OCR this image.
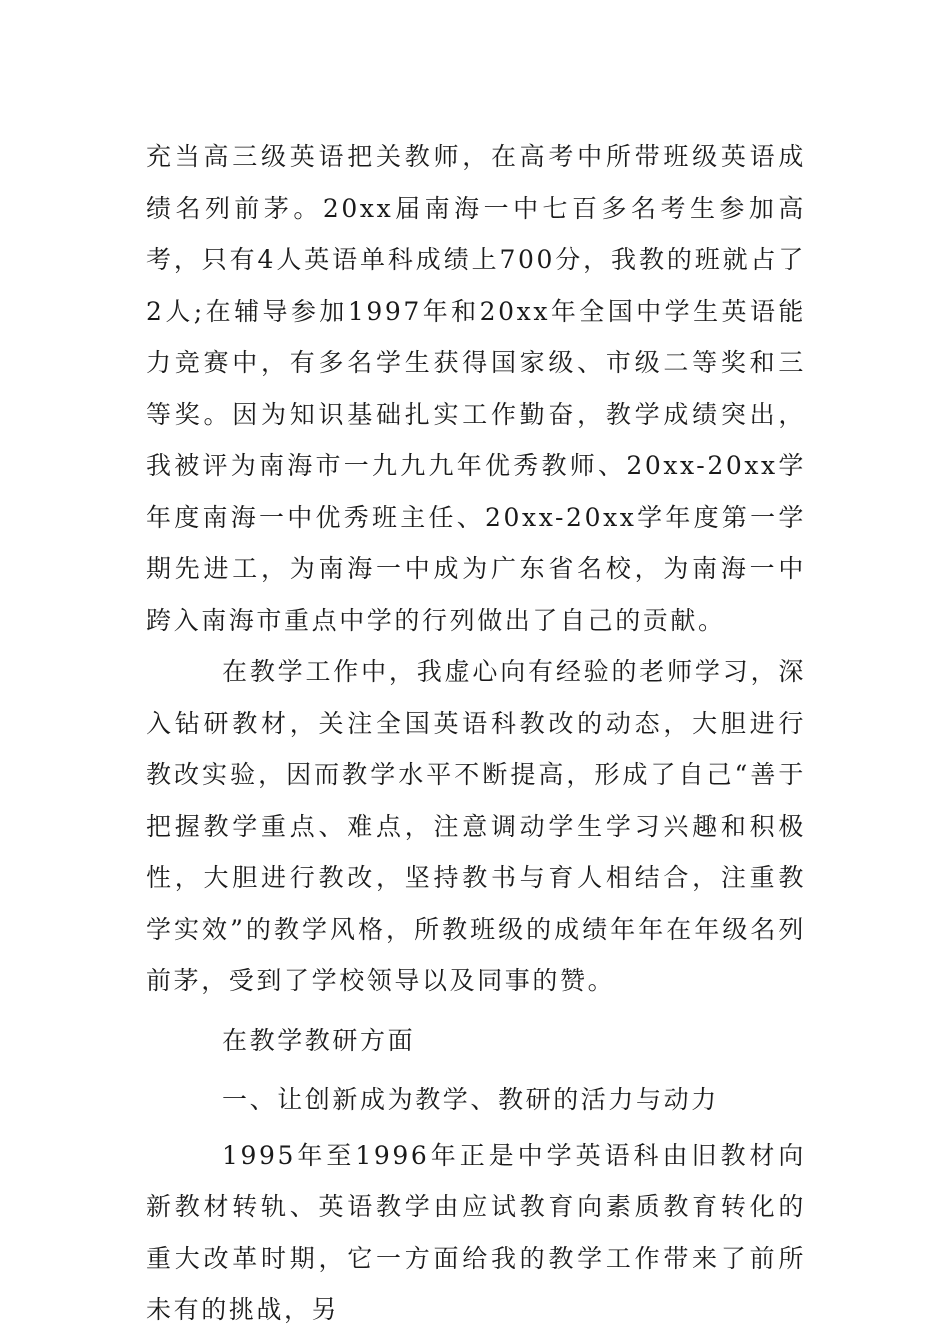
充当高三级英语把关教师，在高考中所带班级英语成绩名列前茅。20xx届南海一中七百多名考生参加高考，只有4人英语单科成绩上700分，我教的班就占了2人;在辅导参加1997年和20xx年全国中学生英语能力竞赛中，有多名学生获得国家级、市级二等奖和三等奖。因为知识基础扎实工作勤奋，教学成绩突出，我被评为南海市一九九九年优秀教师、20xx-20xx学年度南海一中优秀班主任、20xx-20xx学年度第一学期先进工，为南海一中成为广东省名校，为南海一中跨入南海市重点中学的行列做出了自己的贡献。

在教学工作中，我虚心向有经验的老师学习，深入钻研教材，关注全国英语科教改的动态，大胆进行教改实验，因而教学水平不断提高，形成了自己“善于把握教学重点、难点，注意调动学生学习兴趣和积极性，大胆进行教改，坚持教书与育人相结合，注重教学实效”的教学风格，所教班级的成绩年年在年级名列前茅，受到了学校领导以及同事的赞。

在教学教研方面

一、让创新成为教学、教研的活力与动力

1995年至1996年正是中学英语科由旧教材向新教材转轨、英语教学由应试教育向素质教育转化的重大改革时期，它一方面给我的教学工作带来了前所未有的挑战，另
